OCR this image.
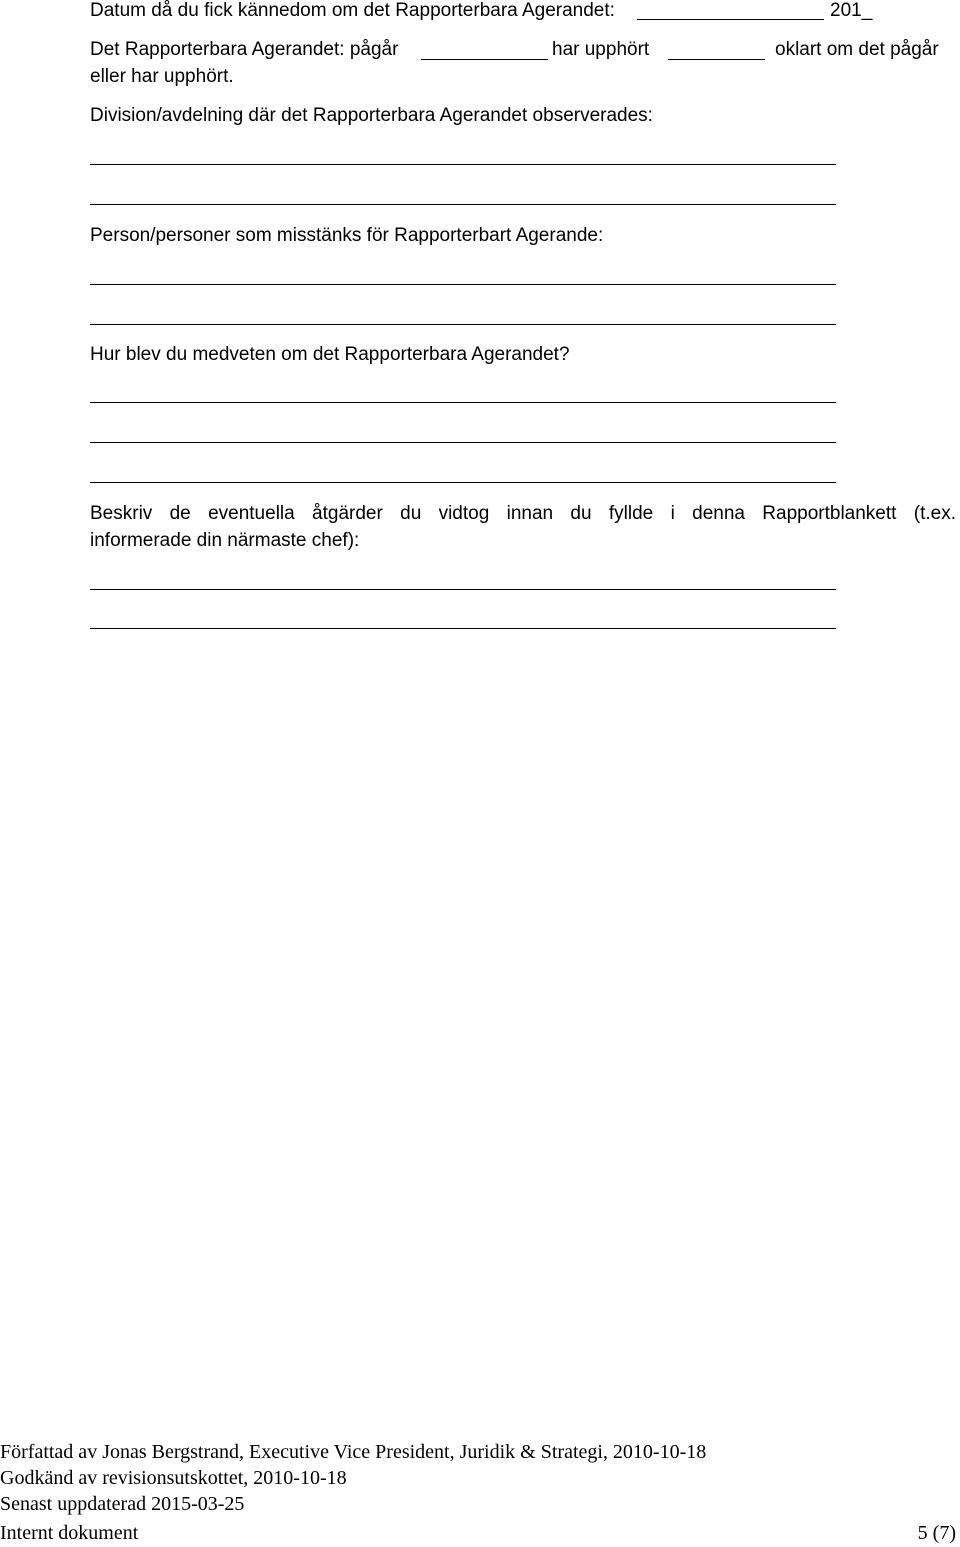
Datum då du fick kännedom om det Rapporterbara Agerandet:	201_
Det Rapporterbara Agerandet: pågår	har upphört	oklart om det pågår
eller har upphört.
Division/avdelning där det Rapporterbara Agerandet observerades:
Person/personer som misstänks för Rapporterbart Agerande:
Hur blev du medveten om det Rapporterbara Agerandet?
Beskriv de eventuella åtgärder du vidtog innan du fyllde i denna Rapportblankett (t.ex.
informerade din närmaste chef):
Författad av Jonas Bergstrand, Executive Vice President, Juridik & Strategi, 2010-10-18
Godkänd av revisionsutskottet, 2010-10-18
Senast uppdaterad 2015-03-25
Internt dokument	5 (7)
